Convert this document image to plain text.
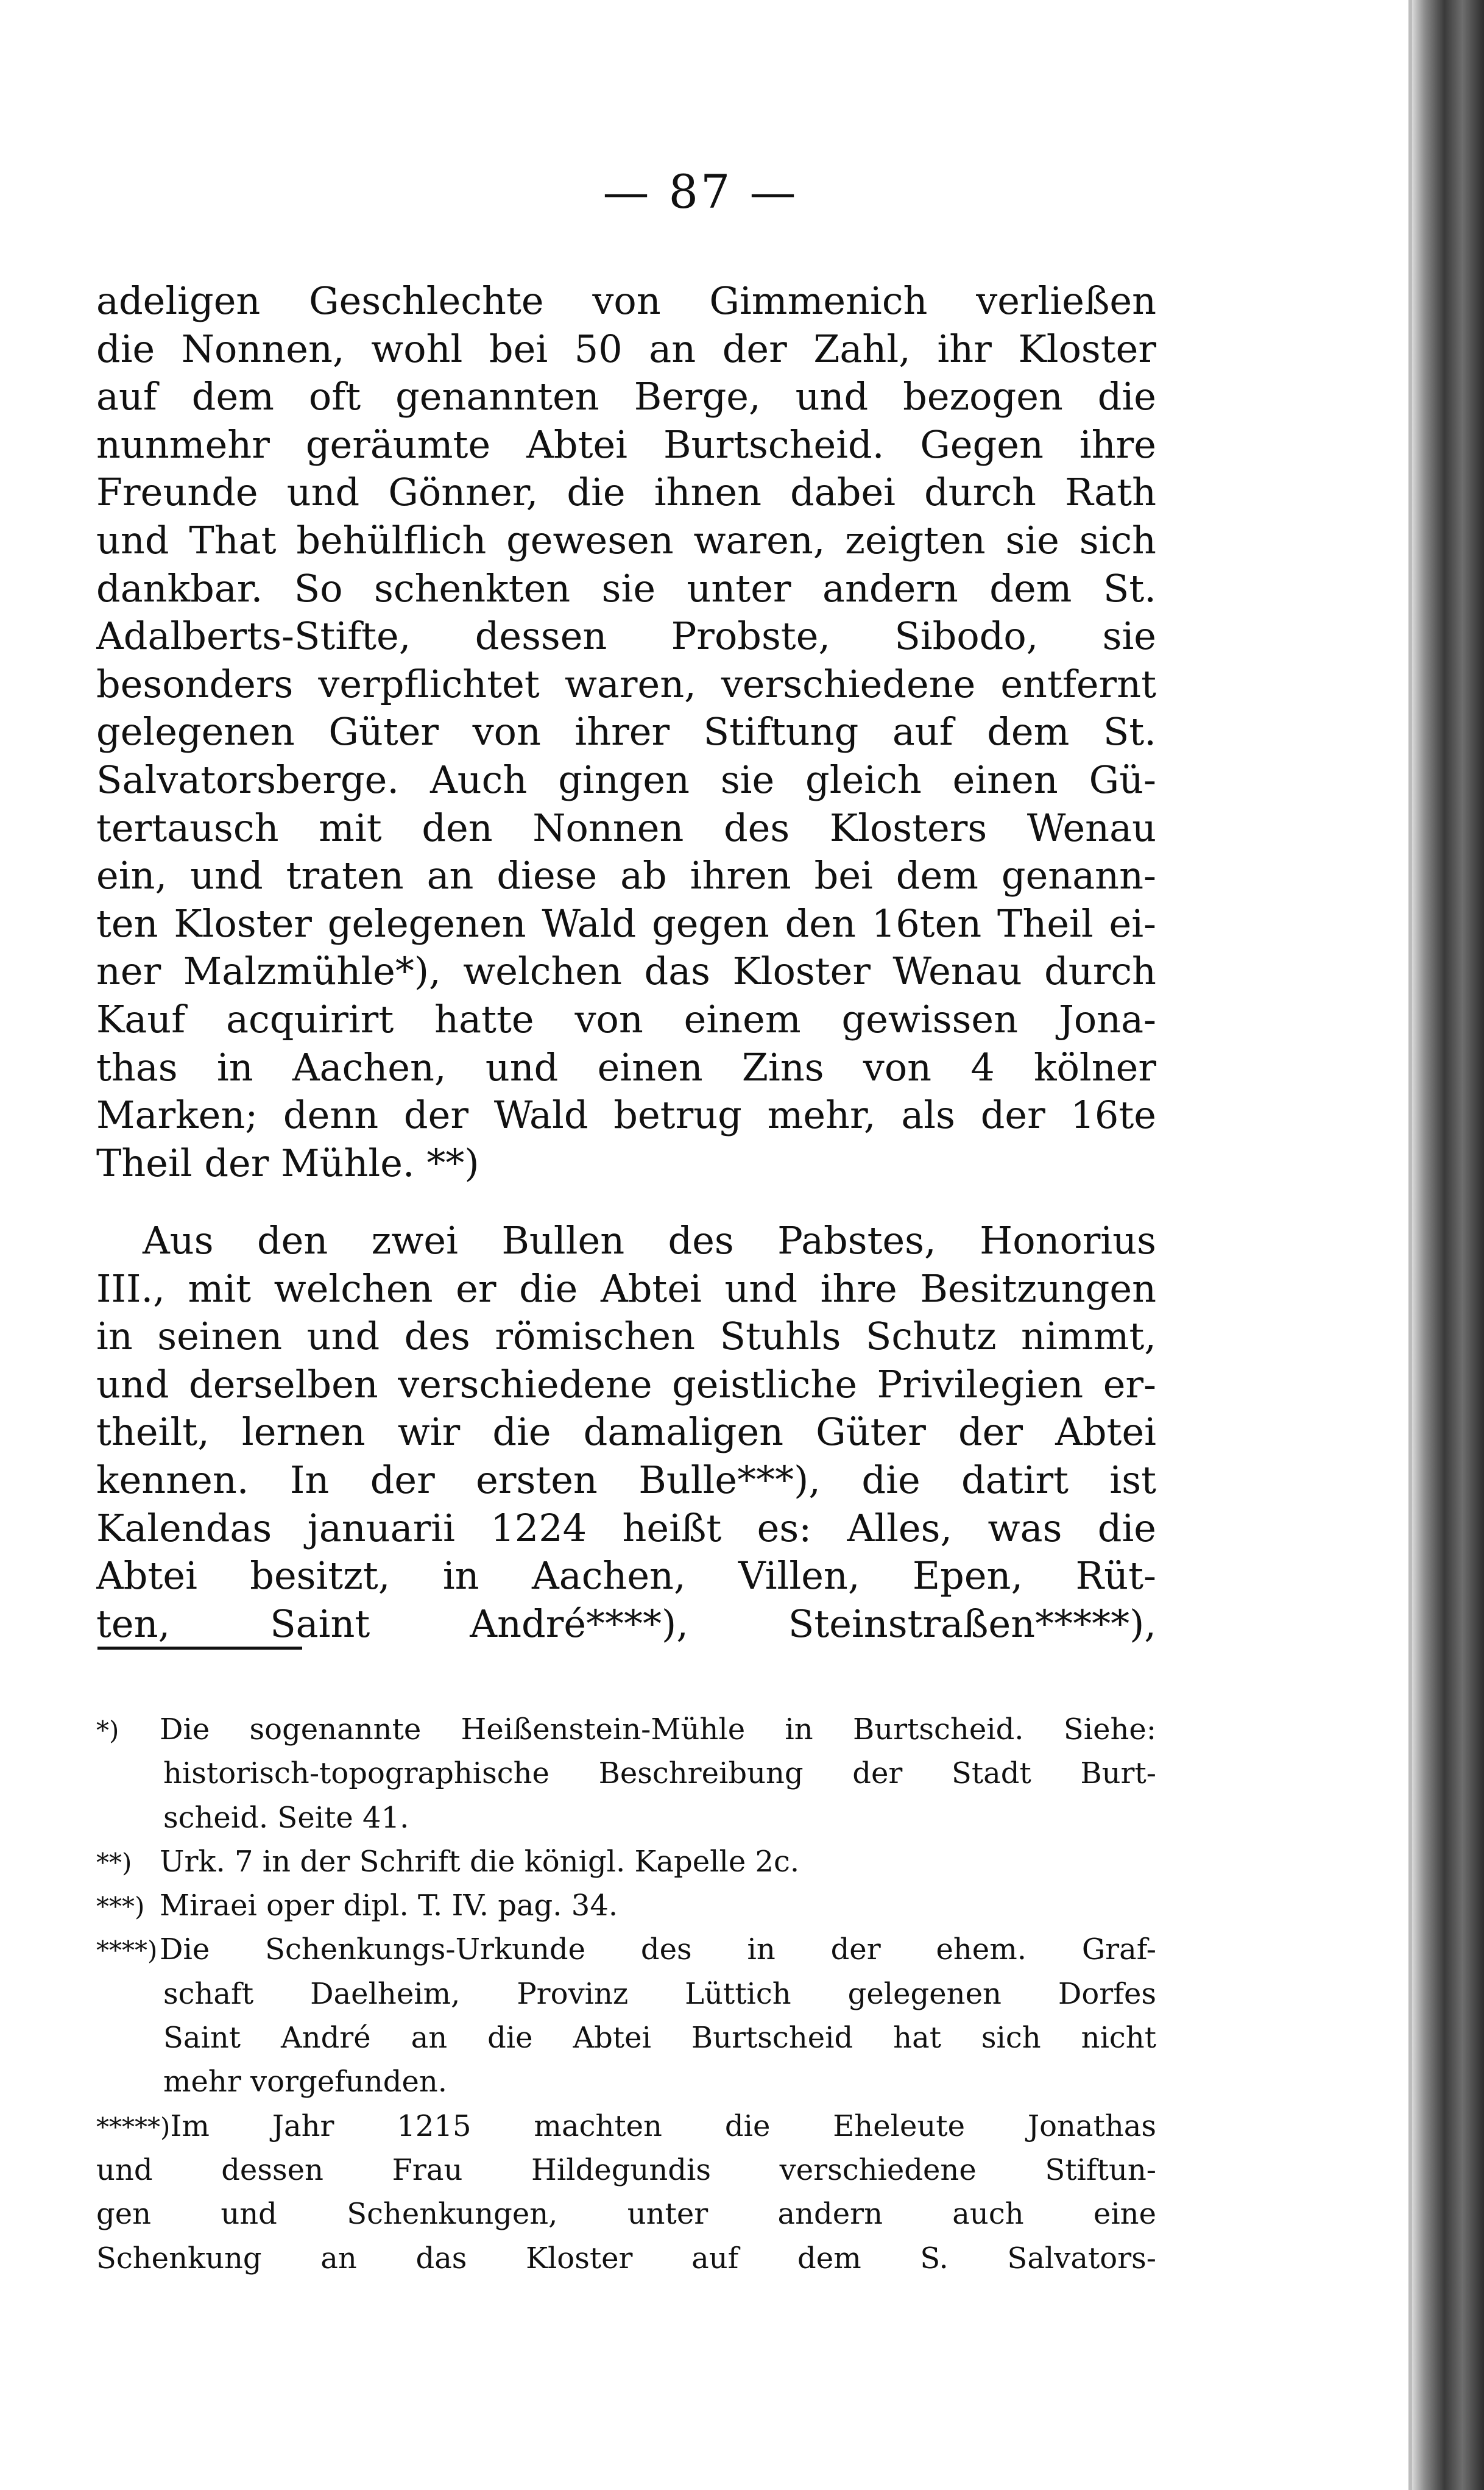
— 87 —
adeligen Geschlechte von Gimmenich verließen
die Nonnen, wohl bei 50 an der Zahl, ihr Kloster
auf dem oft genannten Berge, und bezogen die
nunmehr geräumte Abtei Burtscheid. Gegen ihre
Freunde und Gönner, die ihnen dabei durch Rath
und That behülflich gewesen waren, zeigten sie sich
dankbar. So schenkten sie unter andern dem St.
Adalberts-Stifte, dessen Probste, Sibodo, sie
besonders verpflichtet waren, verschiedene entfernt
gelegenen Güter von ihrer Stiftung auf dem St.
Salvatorsberge. Auch gingen sie gleich einen Gü-
tertausch mit den Nonnen des Klosters Wenau
ein, und traten an diese ab ihren bei dem genann-
ten Kloster gelegenen Wald gegen den 16ten Theil ei-
ner Malzmühle*), welchen das Kloster Wenau durch
Kauf acquirirt hatte von einem gewissen Jona-
thas in Aachen, und einen Zins von 4 kölner
Marken; denn der Wald betrug mehr, als der 16te
Theil der Mühle. **)
Aus den zwei Bullen des Pabstes, Honorius
III., mit welchen er die Abtei und ihre Besitzungen
in seinen und des römischen Stuhls Schutz nimmt,
und derselben verschiedene geistliche Privilegien er-
theilt, lernen wir die damaligen Güter der Abtei
kennen. In der ersten Bulle***), die datirt ist
Kalendas januarii 1224 heißt es: Alles, was die
Abtei besitzt, in Aachen, Villen, Epen, Rüt-
ten, Saint André****), Steinstraßen*****),
*) Die sogenannte Heißenstein-Mühle in Burtscheid. Siehe:
historisch-topographische Beschreibung der Stadt Burt-
scheid. Seite 41.
**) Urk. 7 in der Schrift die königl. Kapelle 2c.
***) Miraei oper dipl. T. IV. pag. 34.
****)Die Schenkungs-Urkunde des in der ehem. Graf-
schaft Daelheim, Provinz Lüttich gelegenen Dorfes
Saint André an die Abtei Burtscheid hat sich nicht
mehr vorgefunden.
*****)Im Jahr 1215 machten die Eheleute Jonathas
und dessen Frau Hildegundis verschiedene Stiftun-
gen und Schenkungen, unter andern auch eine
Schenkung an das Kloster auf dem S. Salvators-
